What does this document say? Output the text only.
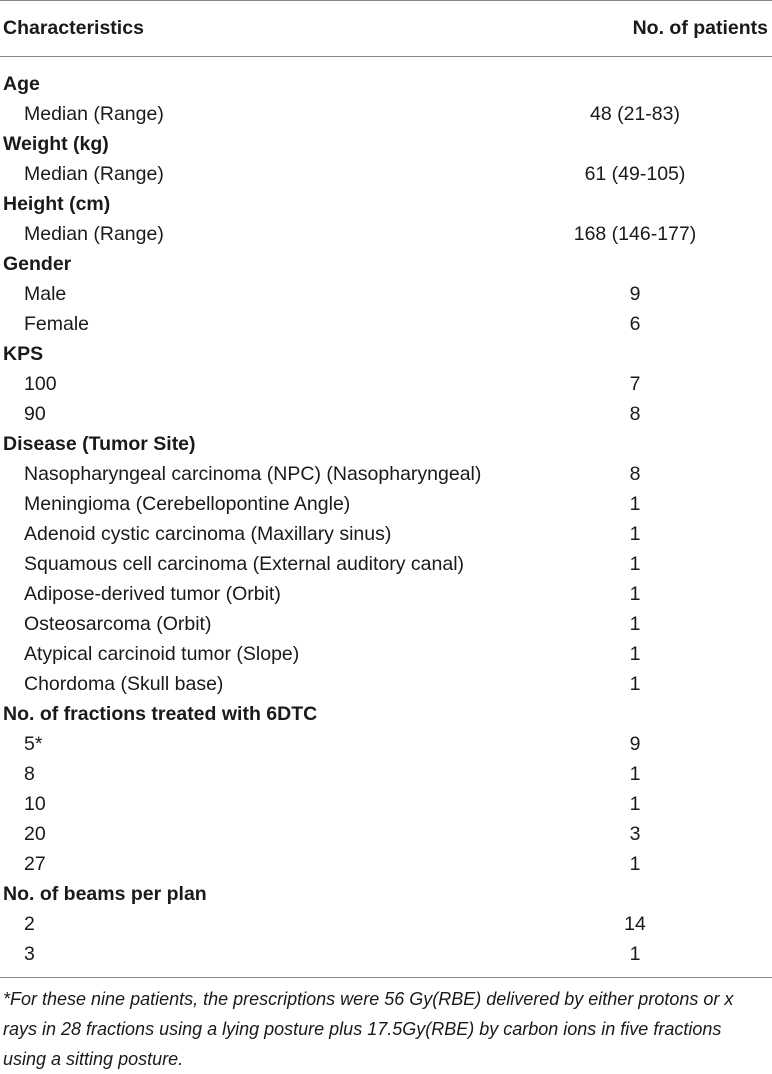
Characteristics	No. of patients
Age
Median (Range)	48 (21-83)
Weight (kg)
Median (Range)	61 (49-105)
Height (cm)
Median (Range)	168 (146-177)
Gender
Male	9
Female	6
KPS
100	7
90	8
Disease (Tumor Site)
Nasopharyngeal carcinoma (NPC) (Nasopharyngeal)	8
Meningioma (Cerebellopontine Angle)	1
Adenoid cystic carcinoma (Maxillary sinus)	1
Squamous cell carcinoma (External auditory canal)	1
Adipose-derived tumor (Orbit)	1
Osteosarcoma (Orbit)	1
Atypical carcinoid tumor (Slope)	1
Chordoma (Skull base)	1
No. of fractions treated with 6DTC
5*	9
8	1
10	1
20	3
27	1
No. of beams per plan
2	14
3	1
*For these nine patients, the prescriptions were 56 Gy(RBE) delivered by either protons or x rays in 28 fractions using a lying posture plus 17.5Gy(RBE) by carbon ions in five fractions using a sitting posture.
